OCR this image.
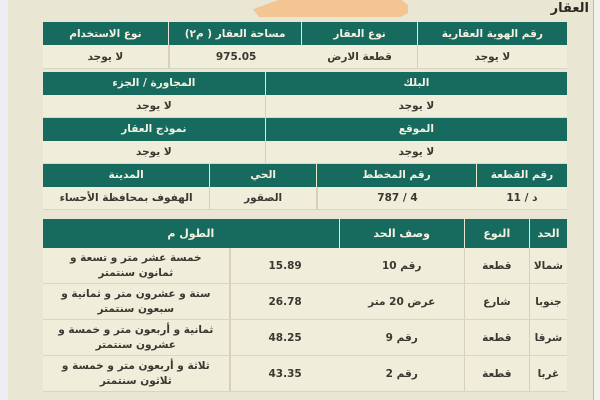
العقار
رقم الهوية العقارية
نوع العقار
مساحة العقار ( م٢)
نوع الاستخدام
لا يوجد
قطعة الارض
975.05
لا يوجد
البلك
المجاورة / الجزء
لا يوجد
لا يوجد
الموقع
نموذج العقار
لا يوجد
لا يوجد
رقم القطعة
رقم المخطط
الحي
المدينة
11 / د
787 / 4
الصقور
الهفوف بمحافظة الأحساء
الحد
النوع
وصف الحد
الطول م
شمالا
قطعة
رقم 10
15.89
خمسة عشر متر و تسعة و ثمانون سنتمتر
جنوبا
شارع
عرض 20 متر
26.78
ستة و عشرون متر و ثمانية و سبعون سنتمتر
شرقا
قطعة
رقم 9
48.25
ثمانية و أربعون متر و خمسة و عشرون سنتمتر
غربا
قطعة
رقم 2
43.35
ثلاثة و أربعون متر و خمسة و ثلاثون سنتمتر
